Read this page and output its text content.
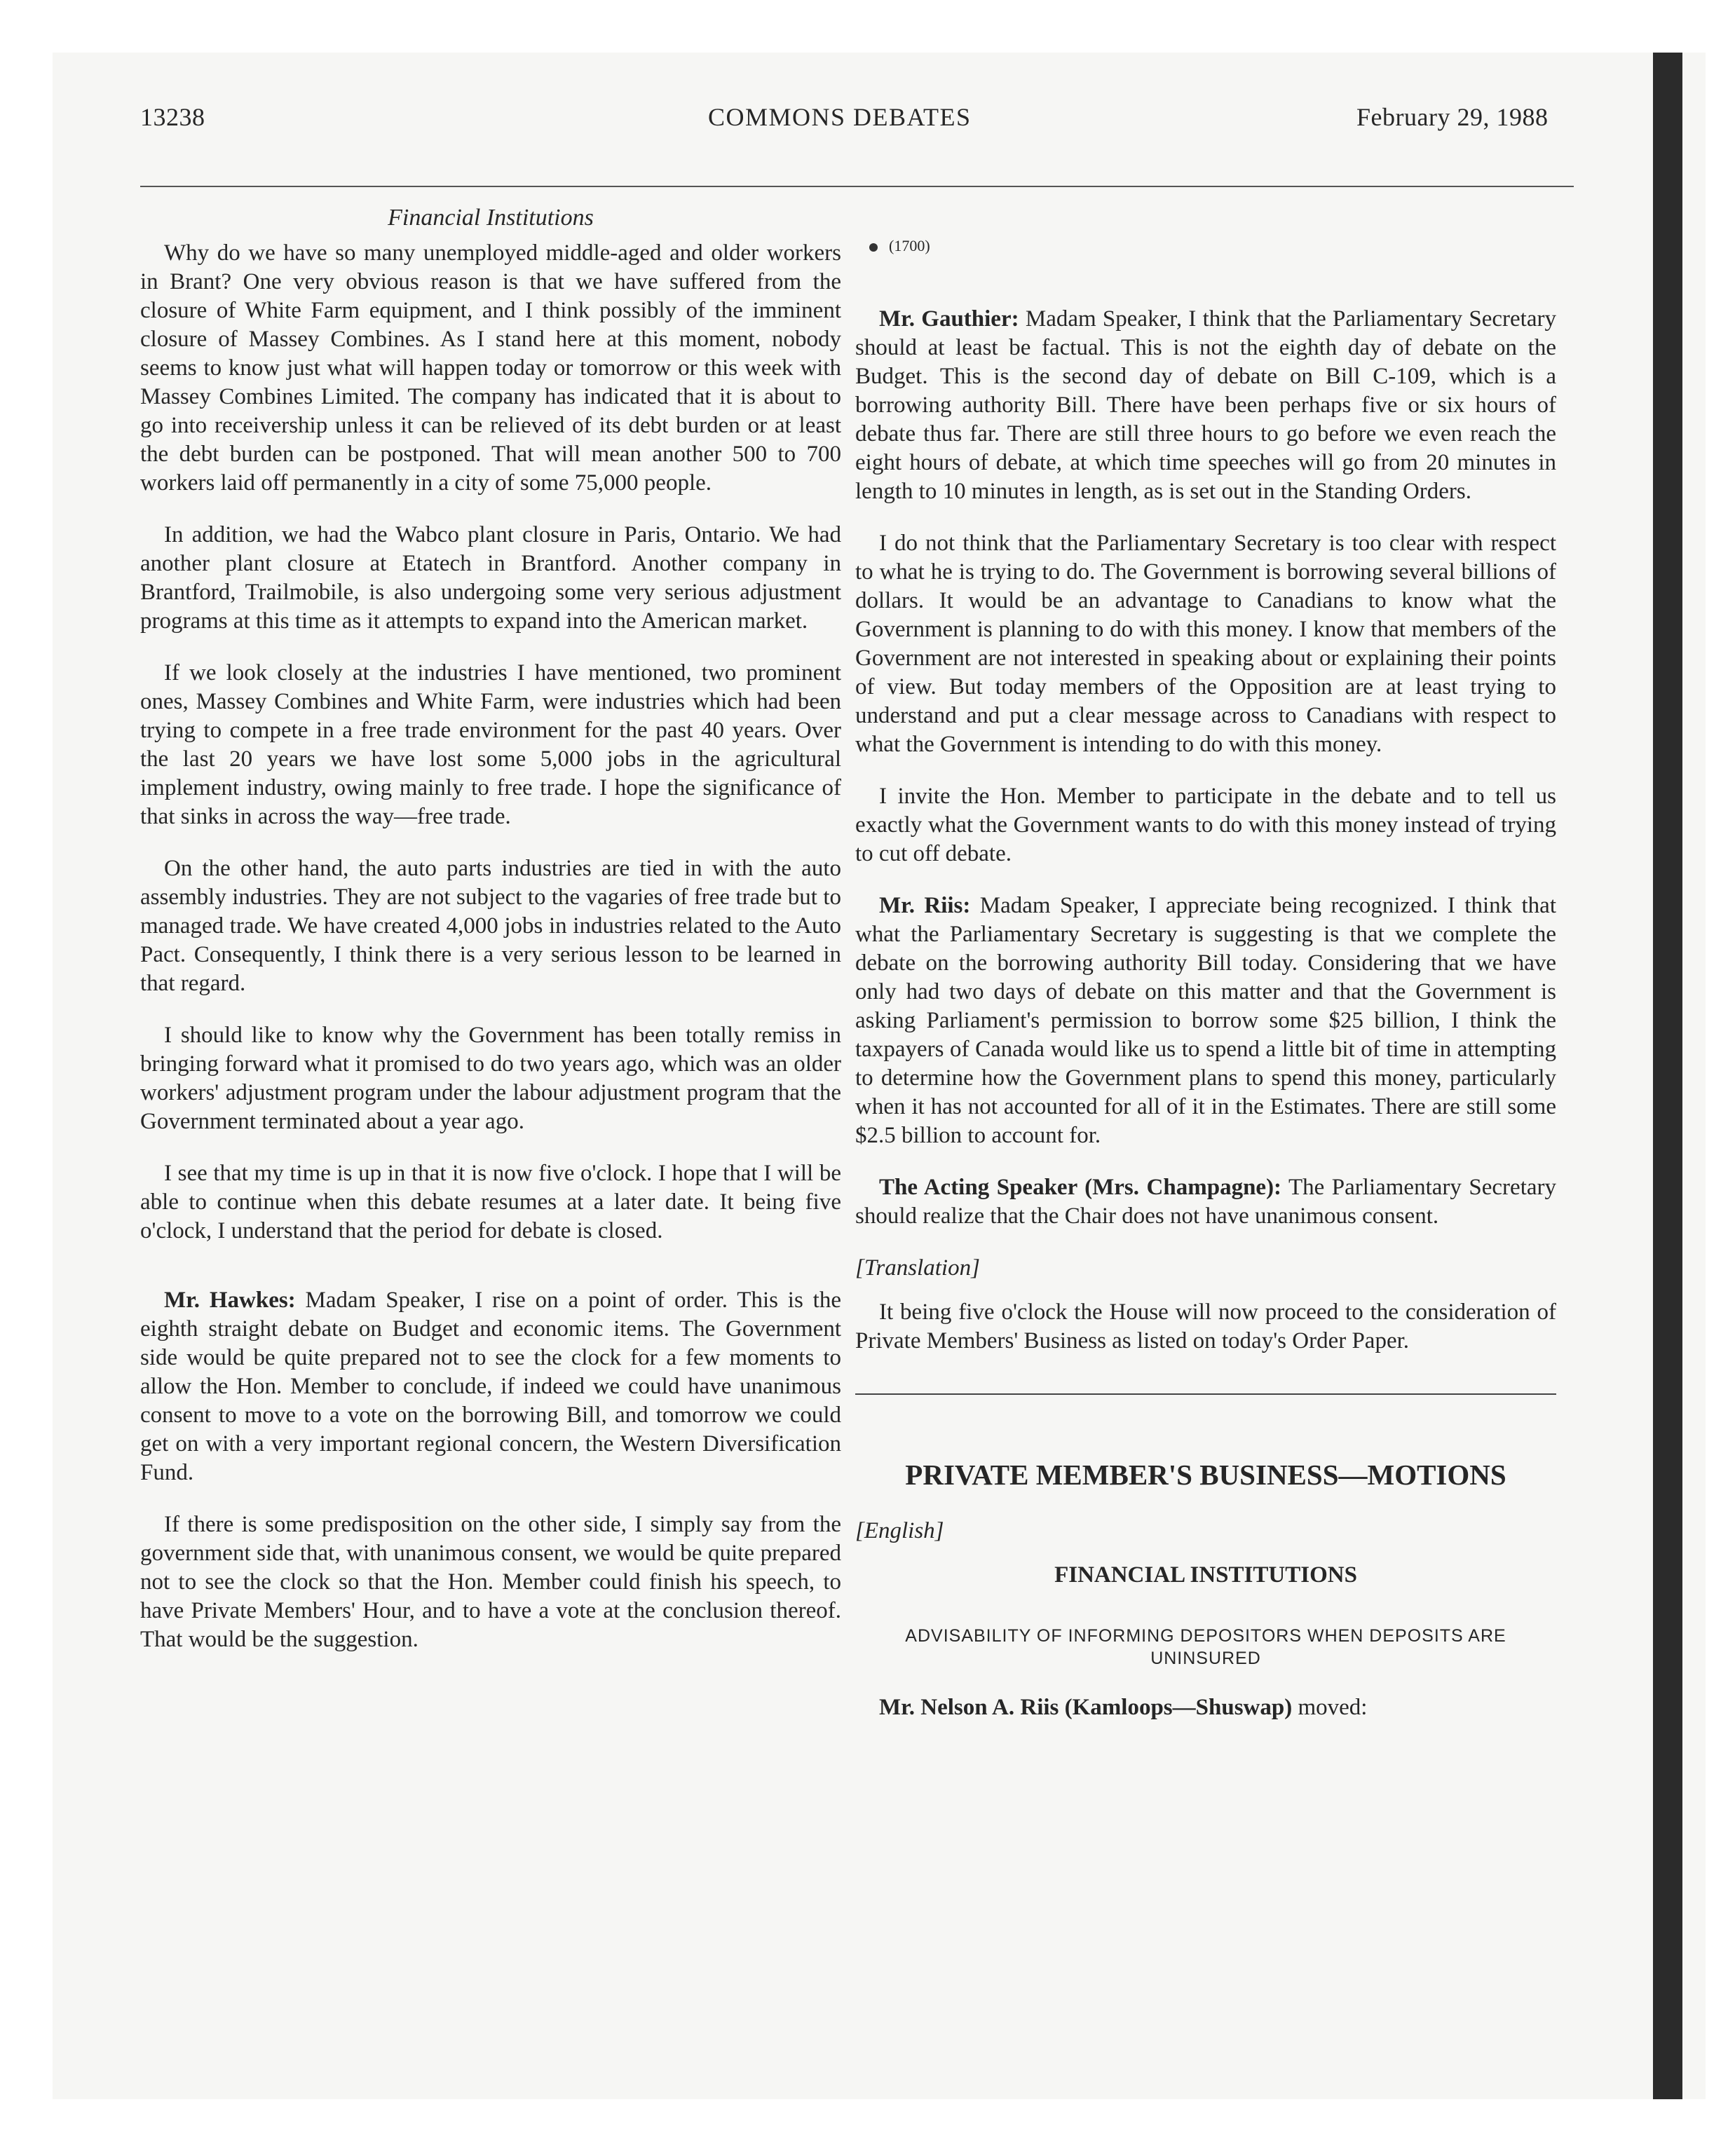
13238	COMMONS DEBATES	February 29, 1988
Financial Institutions

Why do we have so many unemployed middle-aged and older workers in Brant? One very obvious reason is that we have suffered from the closure of White Farm equipment, and I think possibly of the imminent closure of Massey Combines. As I stand here at this moment, nobody seems to know just what will happen today or tomorrow or this week with Massey Combines Limited. The company has indicated that it is about to go into receivership unless it can be relieved of its debt burden or at least the debt burden can be postponed. That will mean another 500 to 700 workers laid off permanently in a city of some 75,000 people.

In addition, we had the Wabco plant closure in Paris, Ontario. We had another plant closure at Etatech in Brantford. Another company in Brantford, Trailmobile, is also undergoing some very serious adjustment programs at this time as it attempts to expand into the American market.

If we look closely at the industries I have mentioned, two prominent ones, Massey Combines and White Farm, were industries which had been trying to compete in a free trade environment for the past 40 years. Over the last 20 years we have lost some 5,000 jobs in the agricultural implement industry, owing mainly to free trade. I hope the significance of that sinks in across the way—free trade.

On the other hand, the auto parts industries are tied in with the auto assembly industries. They are not subject to the vagaries of free trade but to managed trade. We have created 4,000 jobs in industries related to the Auto Pact. Consequently, I think there is a very serious lesson to be learned in that regard.

I should like to know why the Government has been totally remiss in bringing forward what it promised to do two years ago, which was an older workers' adjustment program under the labour adjustment program that the Government terminated about a year ago.

I see that my time is up in that it is now five o'clock. I hope that I will be able to continue when this debate resumes at a later date. It being five o'clock, I understand that the period for debate is closed.

Mr. Hawkes: Madam Speaker, I rise on a point of order. This is the eighth straight debate on Budget and economic items. The Government side would be quite prepared not to see the clock for a few moments to allow the Hon. Member to conclude, if indeed we could have unanimous consent to move to a vote on the borrowing Bill, and tomorrow we could get on with a very important regional concern, the Western Diversification Fund.

If there is some predisposition on the other side, I simply say from the government side that, with unanimous consent, we would be quite prepared not to see the clock so that the Hon. Member could finish his speech, to have Private Members' Hour, and to have a vote at the conclusion thereof. That would be the suggestion.

(1700)

Mr. Gauthier: Madam Speaker, I think that the Parliamentary Secretary should at least be factual. This is not the eighth day of debate on the Budget. This is the second day of debate on Bill C-109, which is a borrowing authority Bill. There have been perhaps five or six hours of debate thus far. There are still three hours to go before we even reach the eight hours of debate, at which time speeches will go from 20 minutes in length to 10 minutes in length, as is set out in the Standing Orders.

I do not think that the Parliamentary Secretary is too clear with respect to what he is trying to do. The Government is borrowing several billions of dollars. It would be an advantage to Canadians to know what the Government is planning to do with this money. I know that members of the Government are not interested in speaking about or explaining their points of view. But today members of the Opposition are at least trying to understand and put a clear message across to Canadians with respect to what the Government is intending to do with this money.

I invite the Hon. Member to participate in the debate and to tell us exactly what the Government wants to do with this money instead of trying to cut off debate.

Mr. Riis: Madam Speaker, I appreciate being recognized. I think that what the Parliamentary Secretary is suggesting is that we complete the debate on the borrowing authority Bill today. Considering that we have only had two days of debate on this matter and that the Government is asking Parliament's permission to borrow some $25 billion, I think the taxpayers of Canada would like us to spend a little bit of time in attempting to determine how the Government plans to spend this money, particularly when it has not accounted for all of it in the Estimates. There are still some $2.5 billion to account for.

The Acting Speaker (Mrs. Champagne): The Parliamentary Secretary should realize that the Chair does not have unanimous consent.

[Translation]

It being five o'clock the House will now proceed to the consideration of Private Members' Business as listed on today's Order Paper.

PRIVATE MEMBER'S BUSINESS—MOTIONS
[English]
FINANCIAL INSTITUTIONS
ADVISABILITY OF INFORMING DEPOSITORS WHEN DEPOSITS ARE UNINSURED

Mr. Nelson A. Riis (Kamloops—Shuswap) moved:
